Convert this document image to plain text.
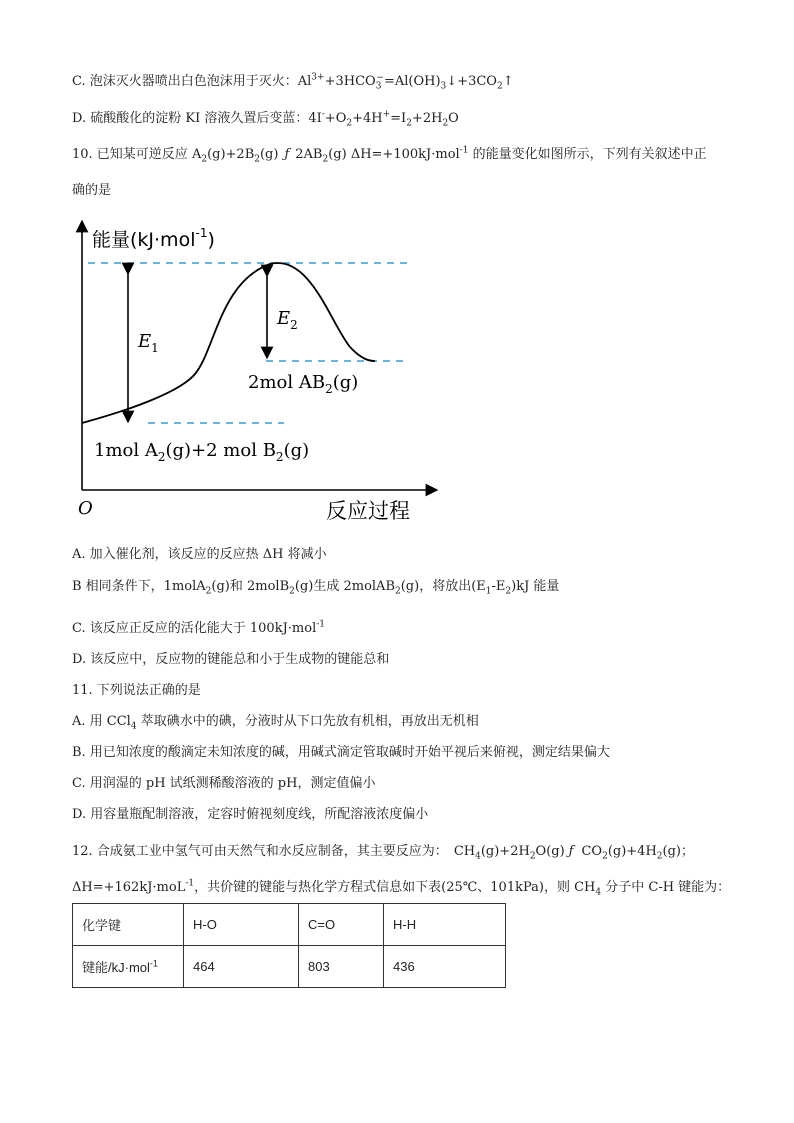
C. 泡沫灭火器喷出白色泡沫用于灭火：$Al^{3+}+3HCO_3^-=Al(OH)_3↓+3CO_2↑$
D. 硫酸酸化的淀粉 KI 溶液久置后变蓝：$4I^-+O_2+4H^+=I_2+2H_2O$
10. 已知某可逆反应 $A_2(g)+2B_2(g)$ ƒ $2AB_2(g)$ ΔH=+100kJ·mol$^{-1}$ 的能量变化如图所示，下列有关叙述中正
确的是
能量(kJ·mol$^{-1}$)
$E_1$
$E_2$
2mol $AB_2(g)$
1mol $A_2(g)+2$ mol $B_2(g)$
O	反应过程
A. 加入催化剂，该反应的反应热 ΔH 将减小
B 相同条件下，1molA$_2$(g)和 2molB$_2$(g)生成 2molAB$_2$(g)，将放出$(E_1-E_2)kJ$ 能量
C. 该反应正反应的活化能大于 100kJ·mol$^{-1}$
D. 该反应中，反应物的键能总和小于生成物的键能总和
11. 下列说法正确的是
A. 用 CCl$_4$ 萃取碘水中的碘，分液时从下口先放有机相，再放出无机相
B. 用已知浓度的酸滴定未知浓度的碱，用碱式滴定管取碱时开始平视后来俯视，测定结果偏大
C. 用润湿的 pH 试纸测稀酸溶液的 pH，测定值偏小
D. 用容量瓶配制溶液，定容时俯视刻度线，所配溶液浓度偏小
12. 合成氨工业中氢气可由天然气和水反应制备，其主要反应为： $CH_4(g)+2H_2O(g)$ ƒ $CO_2(g)+4H_2(g)$；
ΔH=+162kJ·moL$^{-1}$，共价键的键能与热化学方程式信息如下表(25℃、101kPa)，则 $CH_4$ 分子中 C-H 键能为：
化学键	H-O	C=O	H-H
键能/kJ·mol$^{-1}$	464	803	436
